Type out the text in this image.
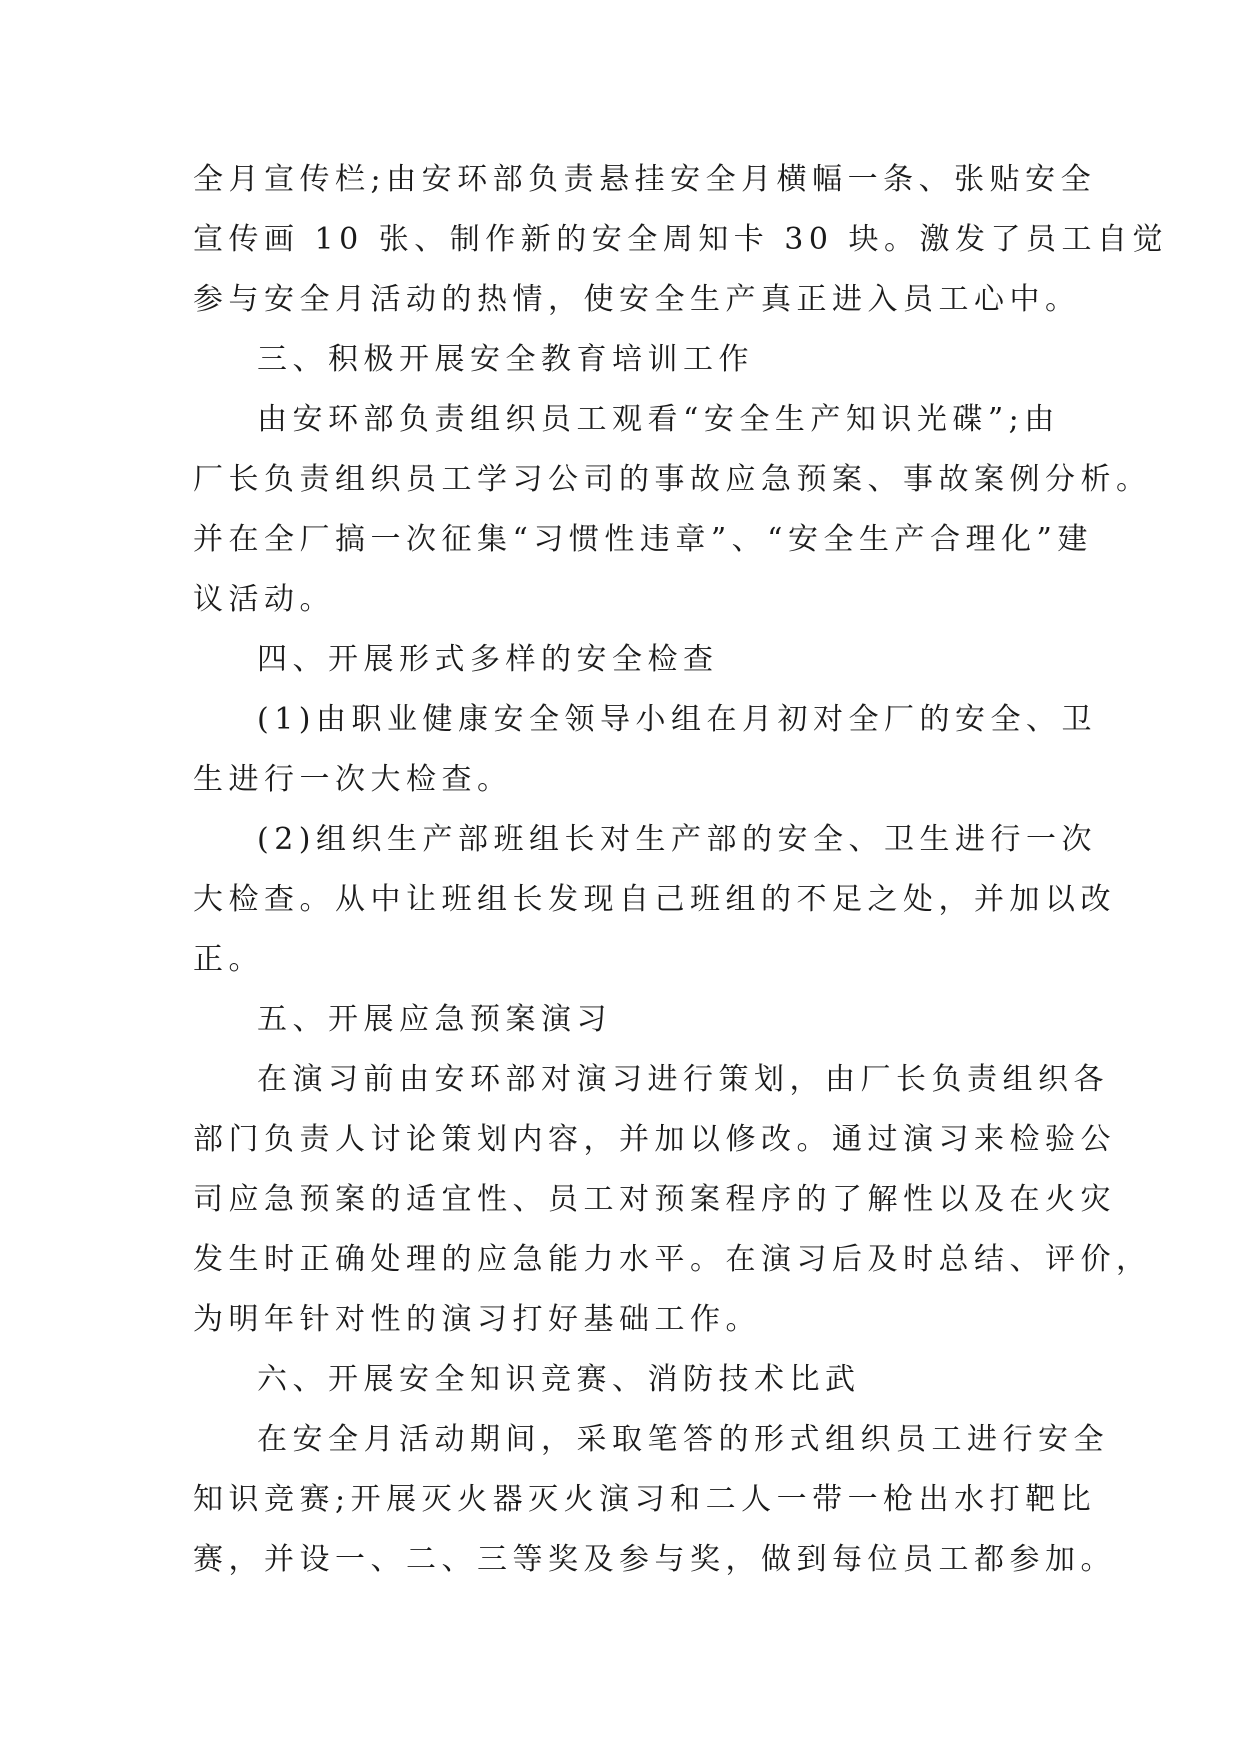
全月宣传栏;由安环部负责悬挂安全月横幅一条、张贴安全
宣传画 10 张、制作新的安全周知卡 30 块。激发了员工自觉
参与安全月活动的热情，使安全生产真正进入员工心中。
三、积极开展安全教育培训工作
由安环部负责组织员工观看“安全生产知识光碟”;由
厂长负责组织员工学习公司的事故应急预案、事故案例分析。
并在全厂搞一次征集“习惯性违章”、“安全生产合理化”建
议活动。
四、开展形式多样的安全检查
(1)由职业健康安全领导小组在月初对全厂的安全、卫
生进行一次大检查。
(2)组织生产部班组长对生产部的安全、卫生进行一次
大检查。从中让班组长发现自己班组的不足之处，并加以改
正。
五、开展应急预案演习
在演习前由安环部对演习进行策划，由厂长负责组织各
部门负责人讨论策划内容，并加以修改。通过演习来检验公
司应急预案的适宜性、员工对预案程序的了解性以及在火灾
发生时正确处理的应急能力水平。在演习后及时总结、评价，
为明年针对性的演习打好基础工作。
六、开展安全知识竞赛、消防技术比武
在安全月活动期间，采取笔答的形式组织员工进行安全
知识竞赛;开展灭火器灭火演习和二人一带一枪出水打靶比
赛，并设一、二、三等奖及参与奖，做到每位员工都参加。
